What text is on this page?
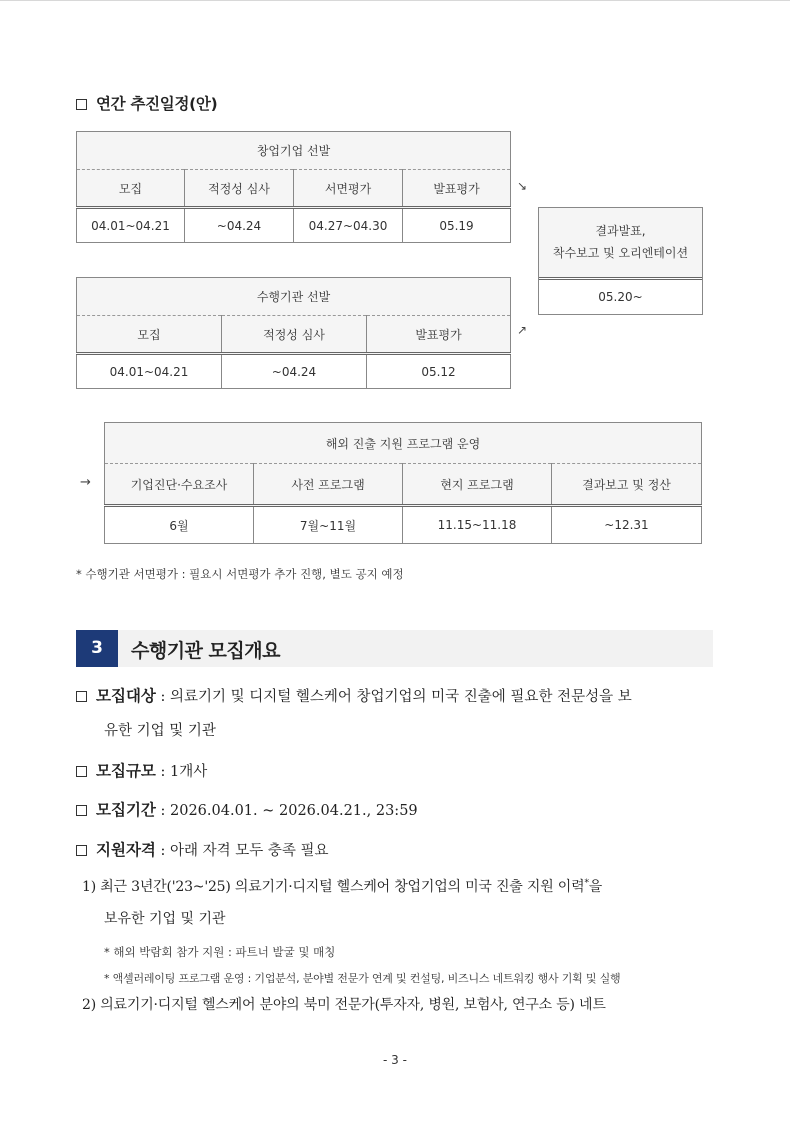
연간 추진일정(안)
창업기업 선발			
모집	적정성 심사	서면평가	발표평가
04.01~04.21	~04.24	04.27~04.30	05.19
↘
결과발표,
착수보고 및 오리엔테이션
05.20~
수행기관 선발		
모집	적정성 심사	발표평가
04.01~04.21	~04.24	05.12
↗
→
해외 진출 지원 프로그램 운영			
기업진단·수요조사	사전 프로그램	현지 프로그램	결과보고 및 정산
6월	7월~11월	11.15~11.18	~12.31
* 수행기관 서면평가 : 필요시 서면평가 추가 진행, 별도 공지 예정
3	수행기관 모집개요
모집대상 : 의료기기 및 디지털 헬스케어 창업기업의 미국 진출에 필요한 전문성을 보
유한 기업 및 기관
모집규모 : 1개사
모집기간 : 2026.04.01. ~ 2026.04.21., 23:59
지원자격 : 아래 자격 모두 충족 필요
1) 최근 3년간('23~'25) 의료기기·디지털 헬스케어 창업기업의 미국 진출 지원 이력*을
보유한 기업 및 기관
* 해외 박람회 참가 지원 : 파트너 발굴 및 매칭
* 액셀러레이팅 프로그램 운영 : 기업분석, 분야별 전문가 연계 및 컨설팅, 비즈니스 네트워킹 행사 기획 및 실행
2) 의료기기·디지털 헬스케어 분야의 북미 전문가(투자자, 병원, 보험사, 연구소 등) 네트
- 3 -
